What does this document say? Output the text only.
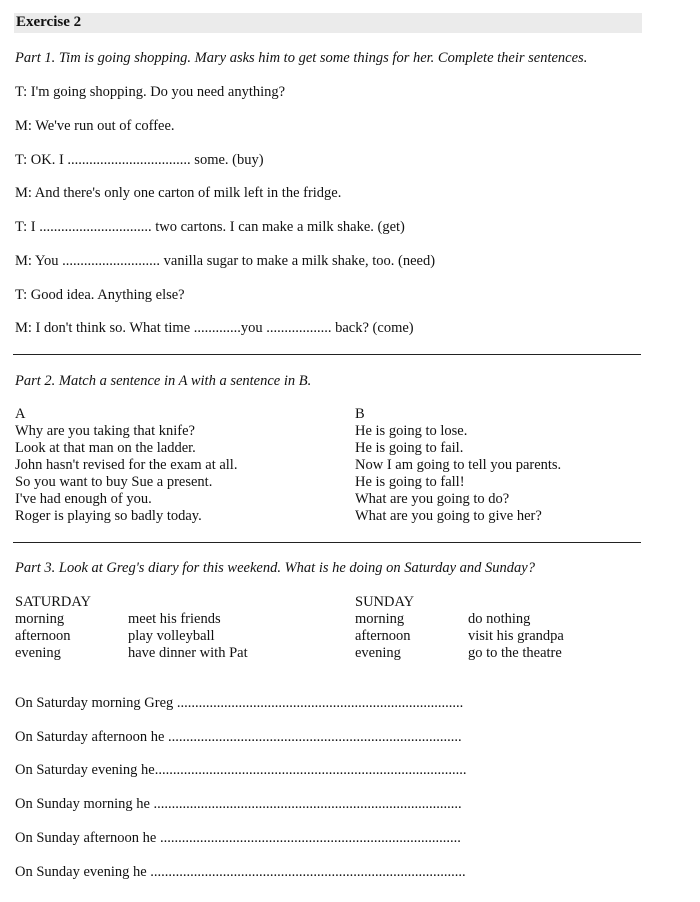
Exercise 2
Part 1. Tim is going shopping. Mary asks him to get some things for her. Complete their sentences.
T: I'm going shopping. Do you need anything?
M: We've run out of coffee.
T: OK. I .................................. some. (buy)
M: And there's only one carton of milk left in the fridge.
T: I ............................... two cartons. I can make a milk shake. (get)
M: You ........................... vanilla sugar to make a milk shake, too. (need)
T: Good idea. Anything else?
M: I don't think so. What time .............you .................. back? (come)
Part 2. Match a sentence in A with a sentence in B.
A
Why are you taking that knife?
Look at that man on the ladder.
John hasn't revised for the exam at all.
So you want to buy Sue a present.
I've had enough of you.
Roger is playing so badly today.
B
He is going to lose.
He is going to fail.
Now I am going to tell you parents.
He is going to fall!
What are you going to do?
What are you going to give her?
Part 3. Look at Greg's diary for this weekend. What is he doing on Saturday and Sunday?
SATURDAY
morning
afternoon
evening
meet his friends
play volleyball
have dinner with Pat
SUNDAY
morning
afternoon
evening
do nothing
visit his grandpa
go to the theatre
On Saturday morning Greg ...............................................................................
On Saturday afternoon he .................................................................................
On Saturday evening he......................................................................................
On Sunday morning he .....................................................................................
On Sunday afternoon he ...................................................................................
On Sunday evening he .......................................................................................
